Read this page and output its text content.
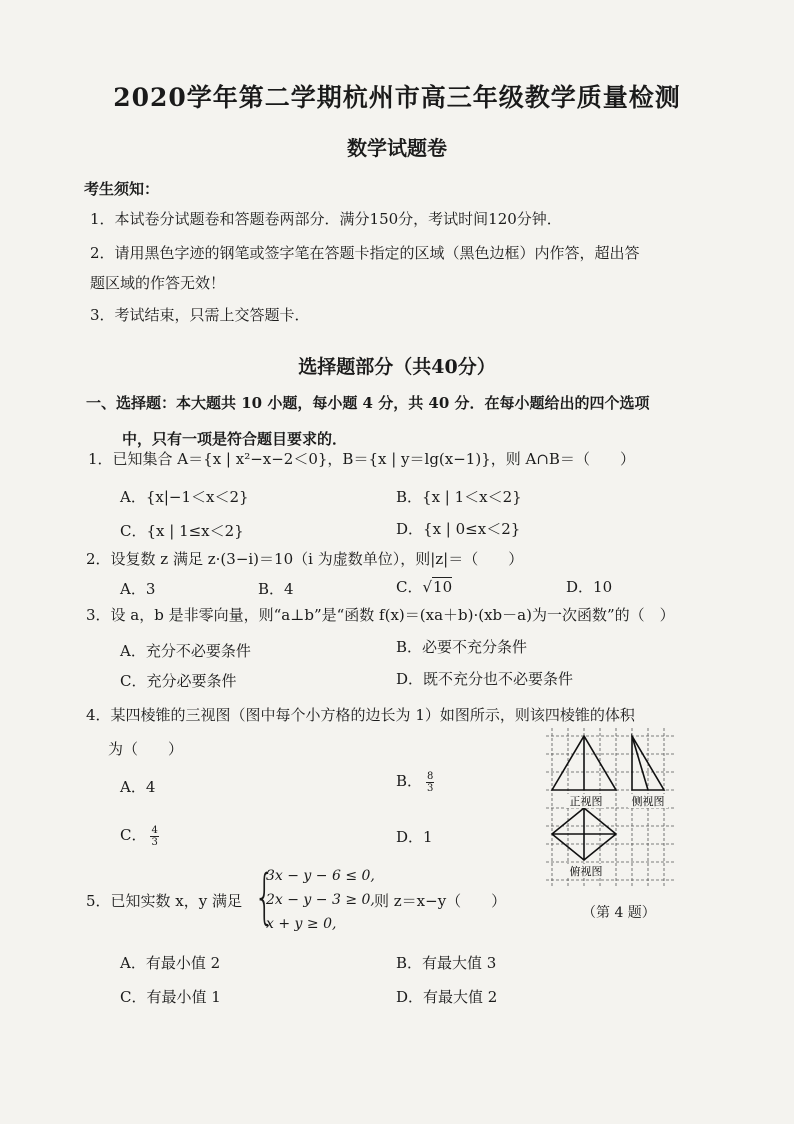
2020学年第二学期杭州市高三年级教学质量检测
数学试题卷
考生须知：
1．本试卷分试题卷和答题卷两部分．满分150分，考试时间120分钟．
2．请用黑色字迹的钢笔或签字笔在答题卡指定的区域（黑色边框）内作答，超出答
题区域的作答无效！
3．考试结束，只需上交答题卡．
选择题部分（共40分）
一、选择题：本大题共 10 小题，每小题 4 分，共 40 分．在每小题给出的四个选项
中，只有一项是符合题目要求的．
1．已知集合 A＝{x | x²−x−2＜0}，B＝{x | y＝lg(x−1)}，则 A∩B＝（　　）
A．{x|−1＜x＜2}	B．{x | 1＜x＜2}
C．{x | 1≤x＜2}	D．{x | 0≤x＜2}
2．设复数 z 满足 z·(3−i)＝10（i 为虚数单位），则|z|＝（　　）
A．3	B．4	C．√10	D．10
3．设 a，b 是非零向量，则“a⊥b”是“函数 f(x)＝(xa＋b)·(xb－a)为一次函数”的（　）
A．充分不必要条件	B．必要不充分条件
C．充分必要条件	D．既不充分也不必要条件
4．某四棱锥的三视图（图中每个小方格的边长为 1）如图所示，则该四棱锥的体积
为（　　）
A．4	B． $\frac{8}{3}$
C． $\frac{4}{3}$	D．1
正视图	侧视图
俯视图
（第 4 题）
5．已知实数 x，y 满足 {
3x − y − 6 ≤ 0,
2x − y − 3 ≥ 0,
x + y ≥ 0,
则 z＝x−y（　　）
A．有最小值 2	B．有最大值 3
C．有最小值 1	D．有最大值 2
